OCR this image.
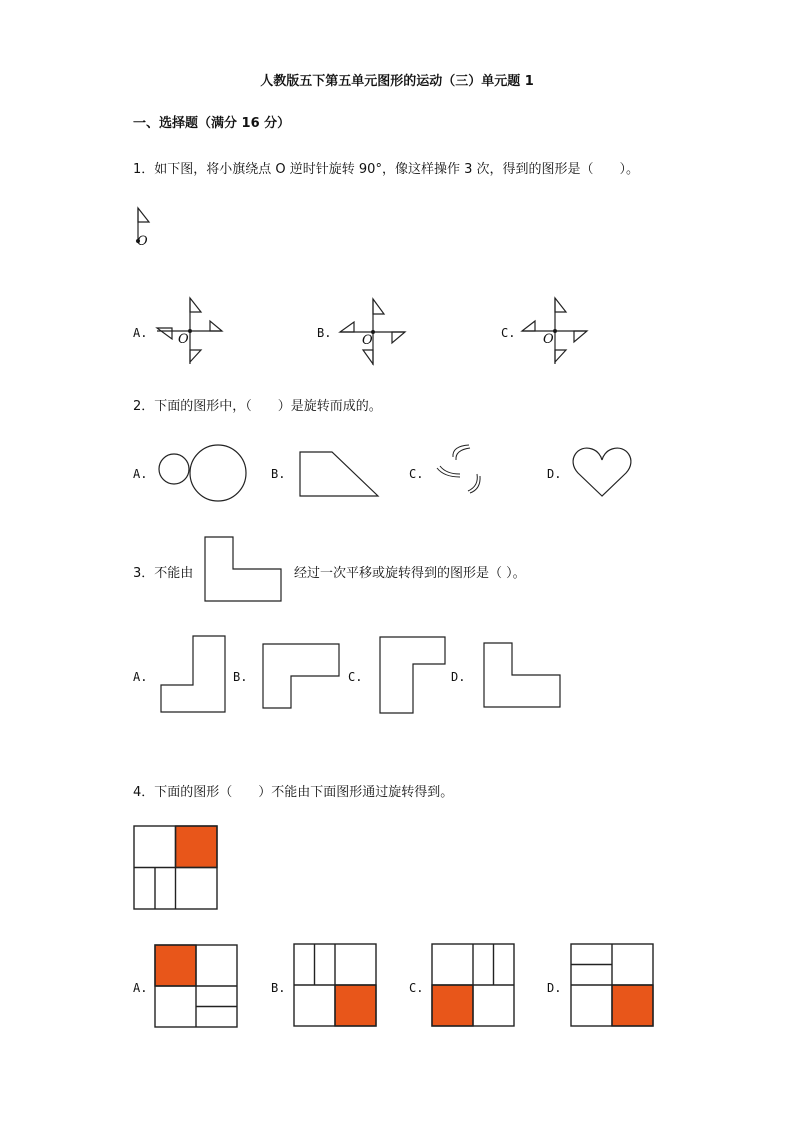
人教版五下第五单元图形的运动（三）单元题 1
一、选择题（满分 16 分）
1．如下图，将小旗绕点 O 逆时针旋转 90°，像这样操作 3 次，得到的图形是（　　）。
O
A. O	B. O	C. O
2．下面的图形中，（　　）是旋转而成的。
A.	B.	C.	D.
3．不能由	经过一次平移或旋转得到的图形是（ ）。
A.	B.	C.	D.
4．下面的图形（　　）不能由下面图形通过旋转得到。
A.	B.	C.	D.
